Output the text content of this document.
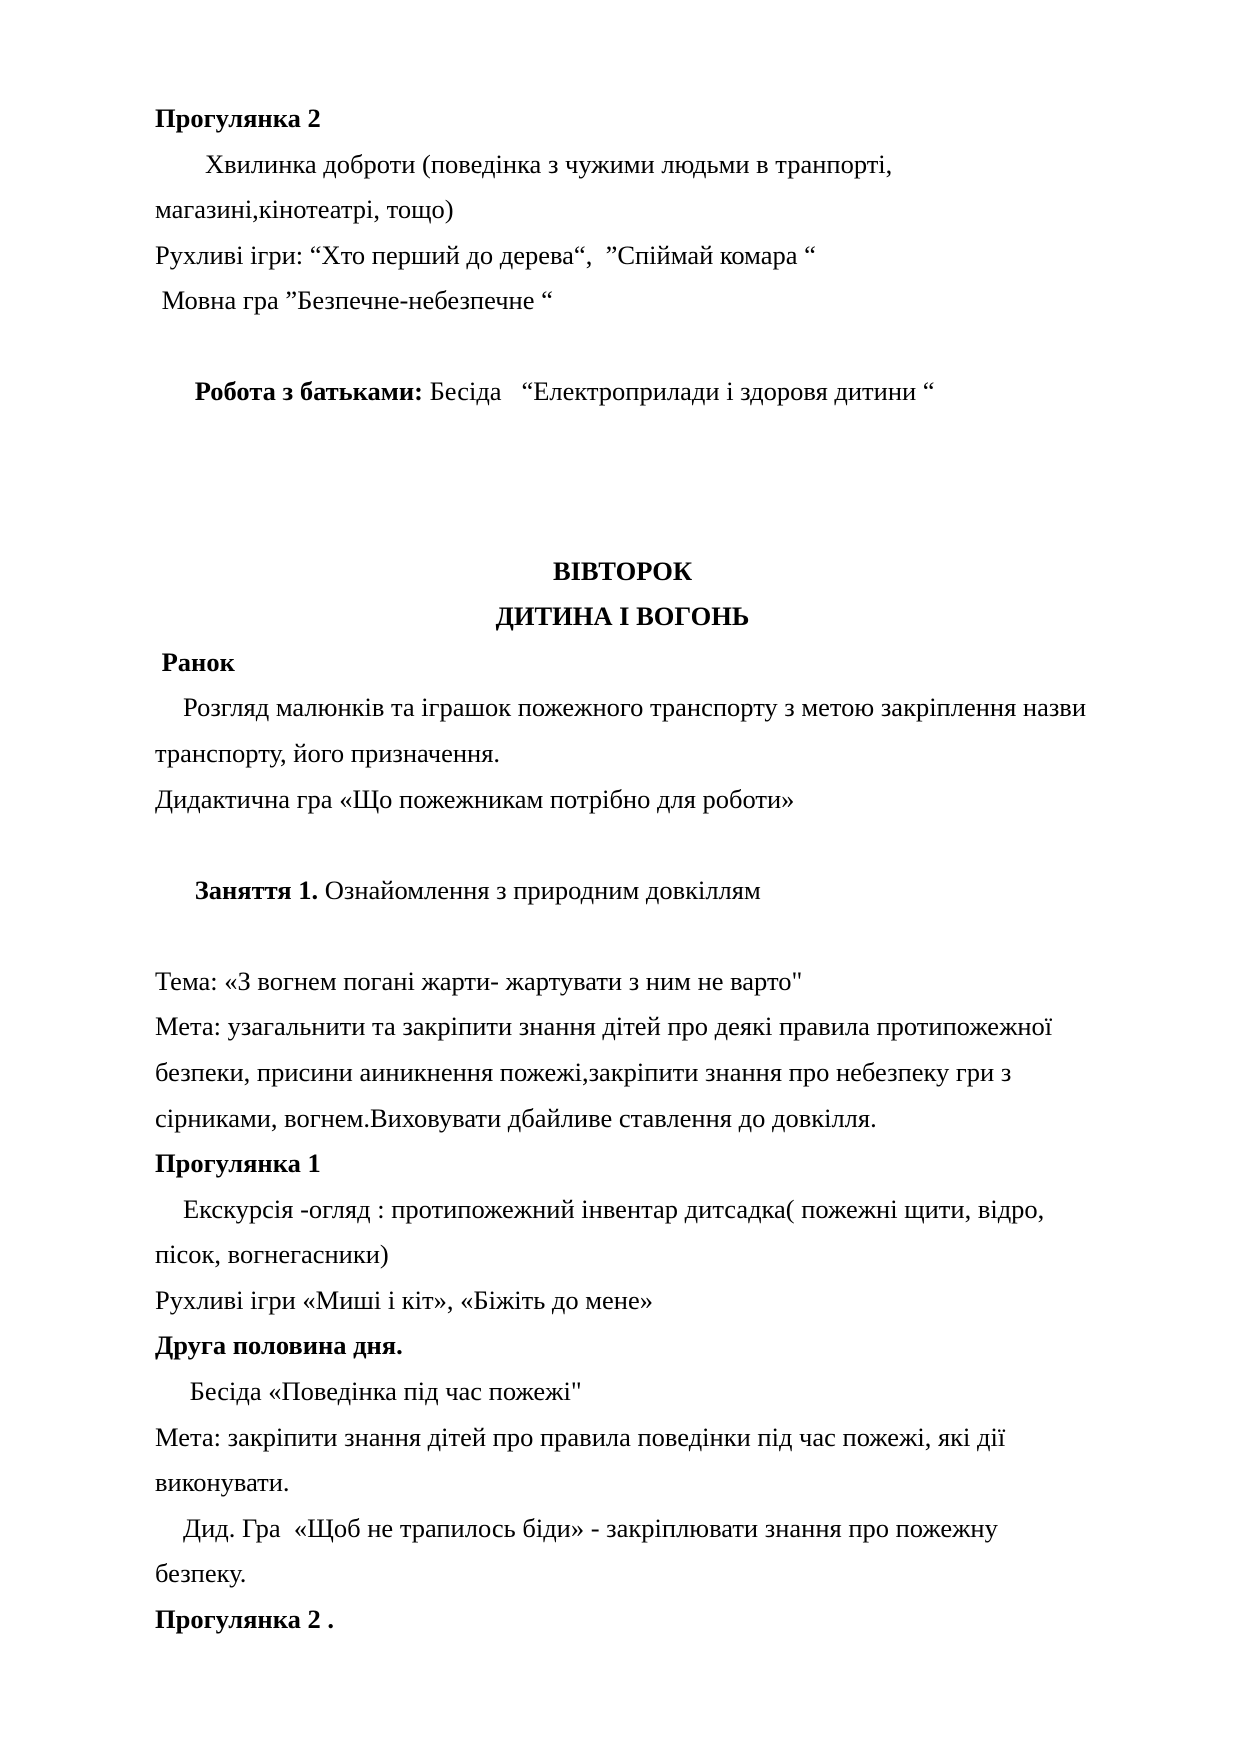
Прогулянка 2

Хвилинка доброти (поведінка з чужими людьми в транпорті, магазині,кінотеатрі, тощо)

Рухливі ігри: “Хто перший до дерева“,  ”Спіймай комара “

Мовна гра ”Безпечне-небезпечне “

Робота з батьками: Бесіда   “Електроприлади і здоровя дитини “

ВІВТОРОК

ДИТИНА І ВОГОНЬ

Ранок

Розгляд малюнків та іграшок пожежного транспорту з метою закріплення назви транспорту, його призначення.

Дидактична гра «Що пожежникам потрібно для роботи»

Заняття 1. Ознайомлення з природним довкіллям

Тема: «З вогнем погані жарти- жартувати з ним не варто"

Мета: узагальнити та закріпити знання дітей про деякі правила протипожежної безпеки, присини аиникнення пожежі,закріпити знання про небезпеку гри з сірниками, вогнем.Виховувати дбайливе ставлення до довкілля.

Прогулянка 1

Екскурсія -огляд : протипожежний інвентар дитсадка( пожежні щити, відро, пісок, вогнегасники)

Рухливі ігри «Миші і кіт», «Біжіть до мене»

Друга половина дня.

Бесіда «Поведінка під час пожежі"

Мета: закріпити знання дітей про правила поведінки під час пожежі, які дії виконувати.

Дид. Гра  «Щоб не трапилось біди» - закріплювати знання про пожежну безпеку.

Прогулянка 2 .
